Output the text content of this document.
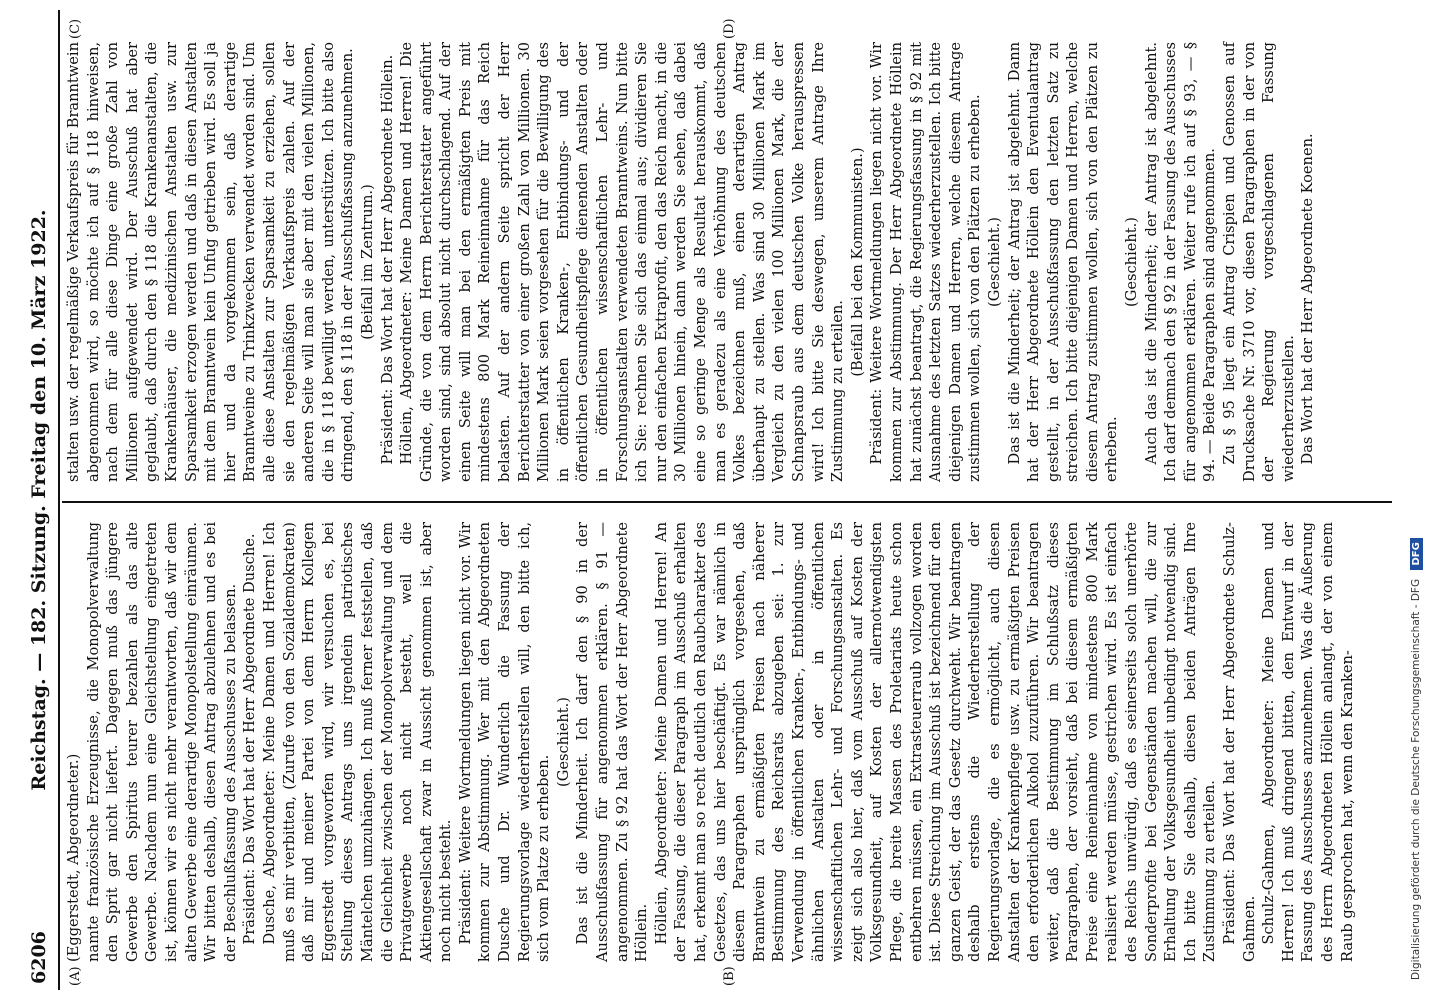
6206
Reichstag. — 182. Sitzung. Freitag den 10. März 1922.
(A)	(B)
(C)	(D)

(Eggerstedt, Abgeordneter.) namte französische Erzeugnisse, die Monopolverwaltung den Sprit gar nicht liefert. Dagegen muß das jüngere Gewerbe den Spiritus teurer bezahlen als das alte Gewerbe. Nachdem nun eine Gleichstellung eingetreten ist, können wir es nicht mehr verantworten, daß wir dem alten Gewerbe eine derartige Monopolstellung einräumen. Wir bitten deshalb, diesen Antrag abzulehnen und es bei der Beschlußfassung des Ausschusses zu belassen. Präsident: Das Wort hat der Herr Abgeordnete Dusche. Dusche, Abgeordneter: Meine Damen und Herren! Ich muß es mir verbitten, (Zurufe von den Sozialdemokraten) daß mir und meiner Partei von dem Herrn Kollegen Eggerstedt vorgeworfen wird, wir versuchen es, bei Stellung dieses Antrags uns irgendein patriotisches Mäntelchen umzuhängen. Ich muß ferner feststellen, daß die Gleichheit zwischen der Monopolverwaltung und dem Privatgewerbe noch nicht besteht, weil die Aktiengesellschaft zwar in Aussicht genommen ist, aber noch nicht besteht. Präsident: Weitere Wortmeldungen liegen nicht vor. Wir kommen zur Abstimmung. Wer mit den Abgeordneten Dusche und Dr. Wunderlich die Fassung der Regierungsvorlage wiederherstellen will, den bitte ich, sich vom Platze zu erheben.

(Geschieht.) Das ist die Minderheit. Ich darf den § 90 in der Ausschußfassung für angenommen erklären. § 91 — angenommen. Zu § 92 hat das Wort der Herr Abgeordnete Höllein. Höllein, Abgeordneter: Meine Damen und Herren! An der Fassung, die dieser Paragraph im Ausschuß erhalten hat, erkennt man so recht deutlich den Raubcharakter des Gesetzes, das uns hier beschäftigt. Es war nämlich in diesem Paragraphen ursprünglich vorgesehen, daß Branntwein zu ermäßigten Preisen nach näherer Bestimmung des Reichsrats abzugeben sei: 1. zur Verwendung in öffentlichen Kranken-, Entbindungs- und ähnlichen Anstalten oder in öffentlichen wissenschaftlichen Lehr- und Forschungsanstalten. Es zeigt sich also hier, daß vom Ausschuß auf Kosten der Volksgesundheit, auf Kosten der allernotwendigsten Pflege, die breite Massen des Proletariats heute schon entbehren müssen, ein Extrasteuerraub vollzogen worden ist. Diese Streichung im Ausschuß ist bezeichnend für den ganzen Geist, der das Gesetz durchweht. Wir beantragen deshalb erstens die Wiederherstellung der Regierungsvorlage, die es ermöglicht, auch diesen Anstalten der Krankenpflege usw. zu ermäßigten Preisen den erforderlichen Alkohol zuzuführen. Wir beantragen weiter, daß die Bestimmung im Schlußsatz dieses Paragraphen, der vorsieht, daß bei diesem ermäßigten Preise eine Reineinnahme von mindestens 800 Mark realisiert werden müsse, gestrichen wird. Es ist einfach des Reichs unwürdig, daß es seinerseits solch unerhörte Sonderprofite bei Gegenständen machen will, die zur Erhaltung der Volksgesundheit unbedingt notwendig sind. Ich bitte Sie deshalb, diesen beiden Anträgen Ihre Zustimmung zu erteilen. Präsident: Das Wort hat der Herr Abgeordnete Schulz-Gahmen. Schulz-Gahmen, Abgeordneter: Meine Damen und Herren! Ich muß dringend bitten, den Entwurf in der Fassung des Ausschusses anzunehmen. Was die Äußerung des Herrn Abgeordneten Höllein anlangt, der von einem Raub gesprochen hat, wenn den Kranken-

stalten usw. der regelmäßige Verkaufspreis für Branntwein abgenommen wird, so möchte ich auf § 118 hinweisen, nach dem für alle diese Dinge eine große Zahl von Millionen aufgewendet wird. Der Ausschuß hat aber geglaubt, daß durch den § 118 die Krankenanstalten, die Krankenhäuser, die medizinischen Anstalten usw. zur Sparsamkeit erzogen werden und daß in diesen Anstalten mit dem Branntwein kein Unfug getrieben wird. Es soll ja hier und da vorgekommen sein, daß derartige Branntweine zu Trinkzwecken verwendet worden sind. Um alle diese Anstalten zur Sparsamkeit zu erziehen, sollen sie den regelmäßigen Verkaufspreis zahlen. Auf der anderen Seite will man sie aber mit den vielen Millionen, die in § 118 bewilligt werden, unterstützen. Ich bitte also dringend, den § 118 in der Ausschußfassung anzunehmen. (Beifall im Zentrum.) Präsident: Das Wort hat der Herr Abgeordnete Höllein. Höllein, Abgeordneter: Meine Damen und Herren! Die Gründe, die von dem Herrn Berichterstatter angeführt worden sind, sind absolut nicht durchschlagend. Auf der einen Seite will man bei den ermäßigten Preis mit mindestens 800 Mark Reineinnahme für das Reich belasten. Auf der andern Seite spricht der Herr Berichterstatter von einer großen Zahl von Millionen. 30 Millionen Mark seien vorgesehen für die Bewilligung des in öffentlichen Kranken-, Entbindungs- und der öffentlichen Gesundheitspflege dienenden Anstalten oder in öffentlichen wissenschaftlichen Lehr- und Forschungsanstalten verwendeten Branntweins. Nun bitte ich Sie: rechnen Sie sich das einmal aus; dividieren Sie nur den einfachen Extraprofit, den das Reich macht, in die 30 Millionen hinein, dann werden Sie sehen, daß dabei eine so geringe Menge als Resultat herauskommt, daß man es geradezu als eine Verhöhnung des deutschen Volkes bezeichnen muß, einen derartigen Antrag überhaupt zu stellen. Was sind 30 Millionen Mark im Vergleich zu den vielen 100 Millionen Mark, die der Schnapsraub aus dem deutschen Volke herauspressen wird! Ich bitte Sie deswegen, unserem Antrage Ihre Zustimmung zu erteilen.

(Beifall bei den Kommunisten.) Präsident: Weitere Wortmeldungen liegen nicht vor. Wir kommen zur Abstimmung. Der Herr Abgeordnete Höllein hat zunächst beantragt, die Regierungsfassung in § 92 mit Ausnahme des letzten Satzes wiederherzustellen. Ich bitte diejenigen Damen und Herren, welche diesem Antrage zustimmen wollen, sich von den Plätzen zu erheben. (Geschieht.) Das ist die Minderheit; der Antrag ist abgelehnt. Dann hat der Herr Abgeordnete Höllein den Eventualantrag gestellt, in der Ausschußfassung den letzten Satz zu streichen. Ich bitte diejenigen Damen und Herren, welche diesem Antrag zustimmen wollen, sich von den Plätzen zu erheben.

(Geschieht.) Auch das ist die Minderheit; der Antrag ist abgelehnt. Ich darf demnach den § 92 in der Fassung des Ausschusses für angenommen erklären. Weiter rufe ich auf § 93, — § 94. — Beide Paragraphen sind angenommen. Zu § 95 liegt ein Antrag Crispien und Genossen auf Drucksache Nr. 3710 vor, diesen Paragraphen in der von der Regierung vorgeschlagenen Fassung wiederherzustellen. Das Wort hat der Herr Abgeordnete Koenen.

Digitalisierung gefördert durch die Deutsche Forschungsgemeinschaft - DFG DFG
